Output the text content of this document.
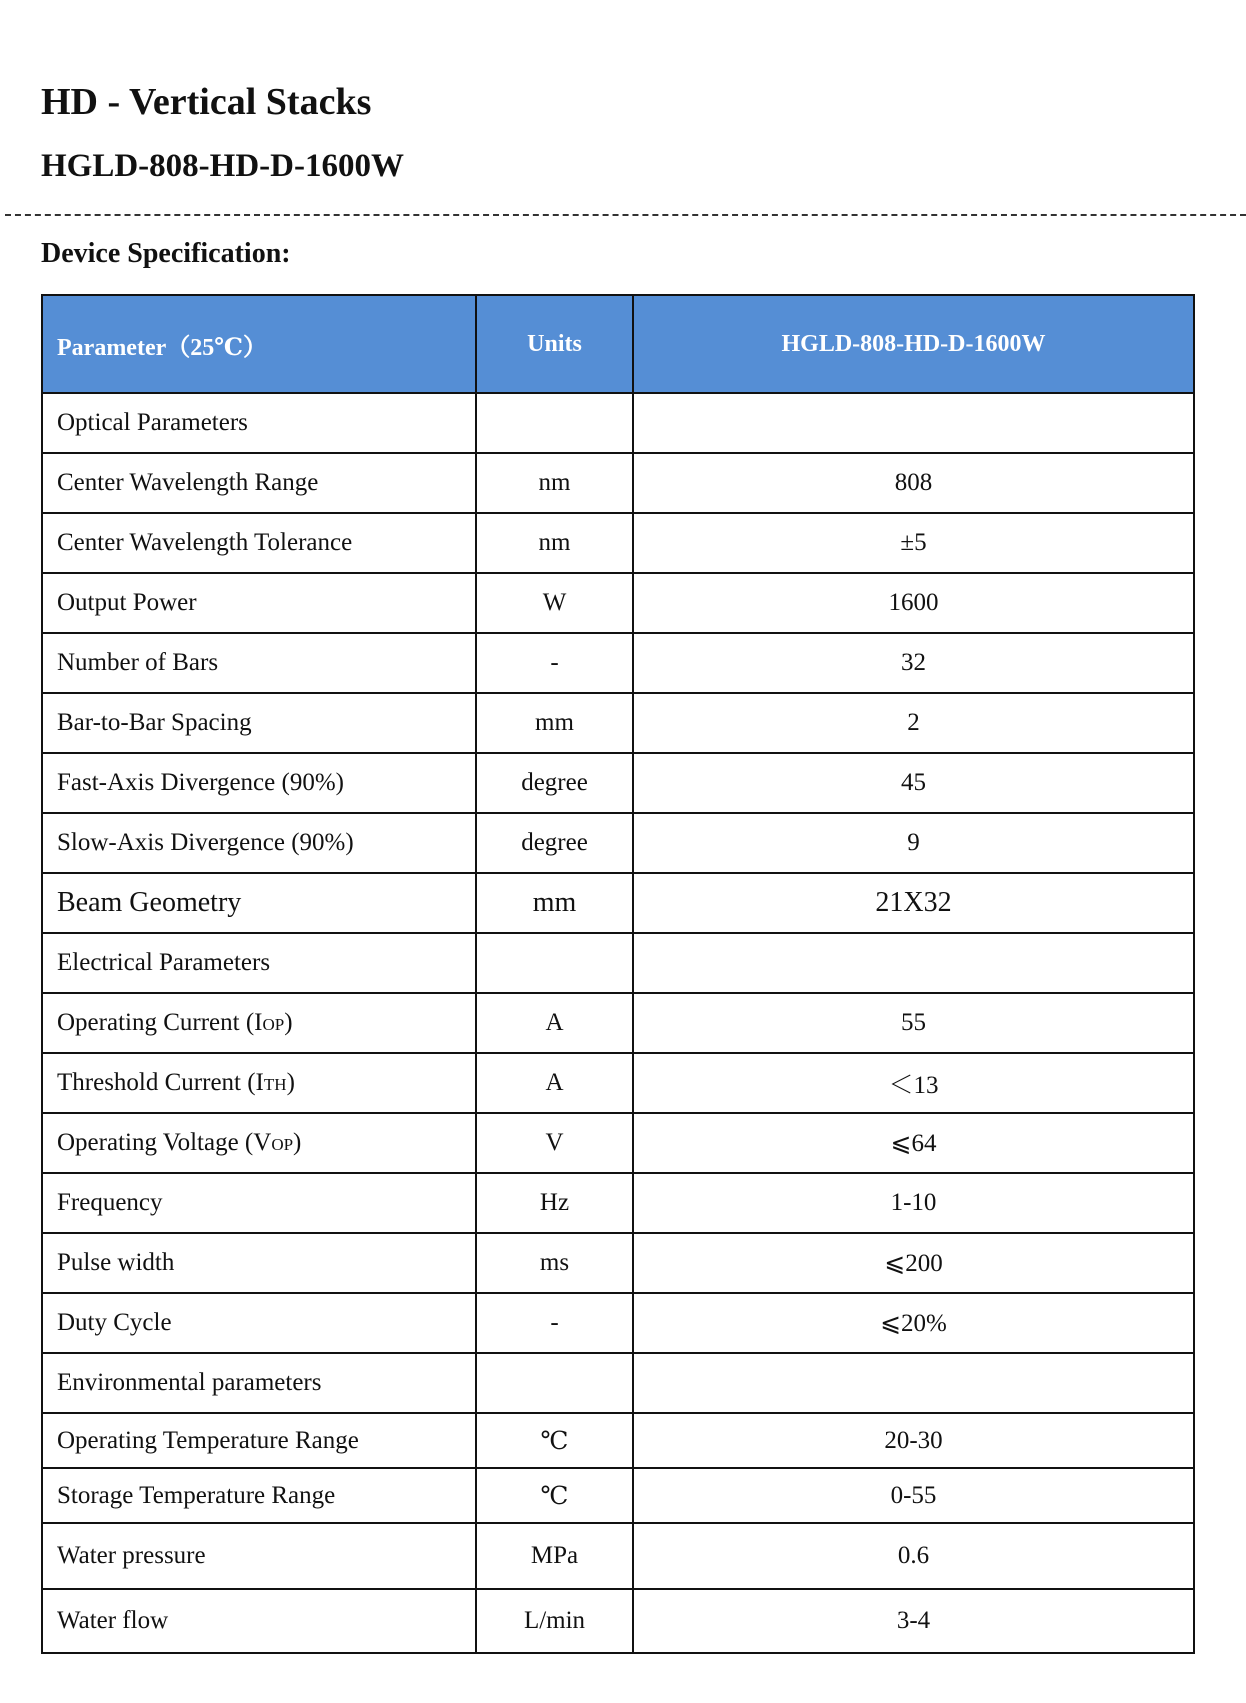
HD - Vertical Stacks
HGLD-808-HD-D-1600W
Device Specification:
Parameter（25℃）	Units	HGLD-808-HD-D-1600W
Optical Parameters		
Center Wavelength Range	nm	808
Center Wavelength Tolerance	nm	±5
Output Power	W	1600
Number of Bars	-	32
Bar-to-Bar Spacing	mm	2
Fast-Axis Divergence (90%)	degree	45
Slow-Axis Divergence (90%)	degree	9
Beam Geometry	mm	21X32
Electrical Parameters		
Operating Current (IOP)	A	55
Threshold Current (ITH)	A	＜13
Operating Voltage (VOP)	V	⩽64
Frequency	Hz	1-10
Pulse width	ms	⩽200
Duty Cycle	-	⩽20%
Environmental parameters		
Operating Temperature Range	℃	20-30
Storage Temperature Range	℃	0-55
Water pressure	MPa	0.6
Water flow	L/min	3-4
